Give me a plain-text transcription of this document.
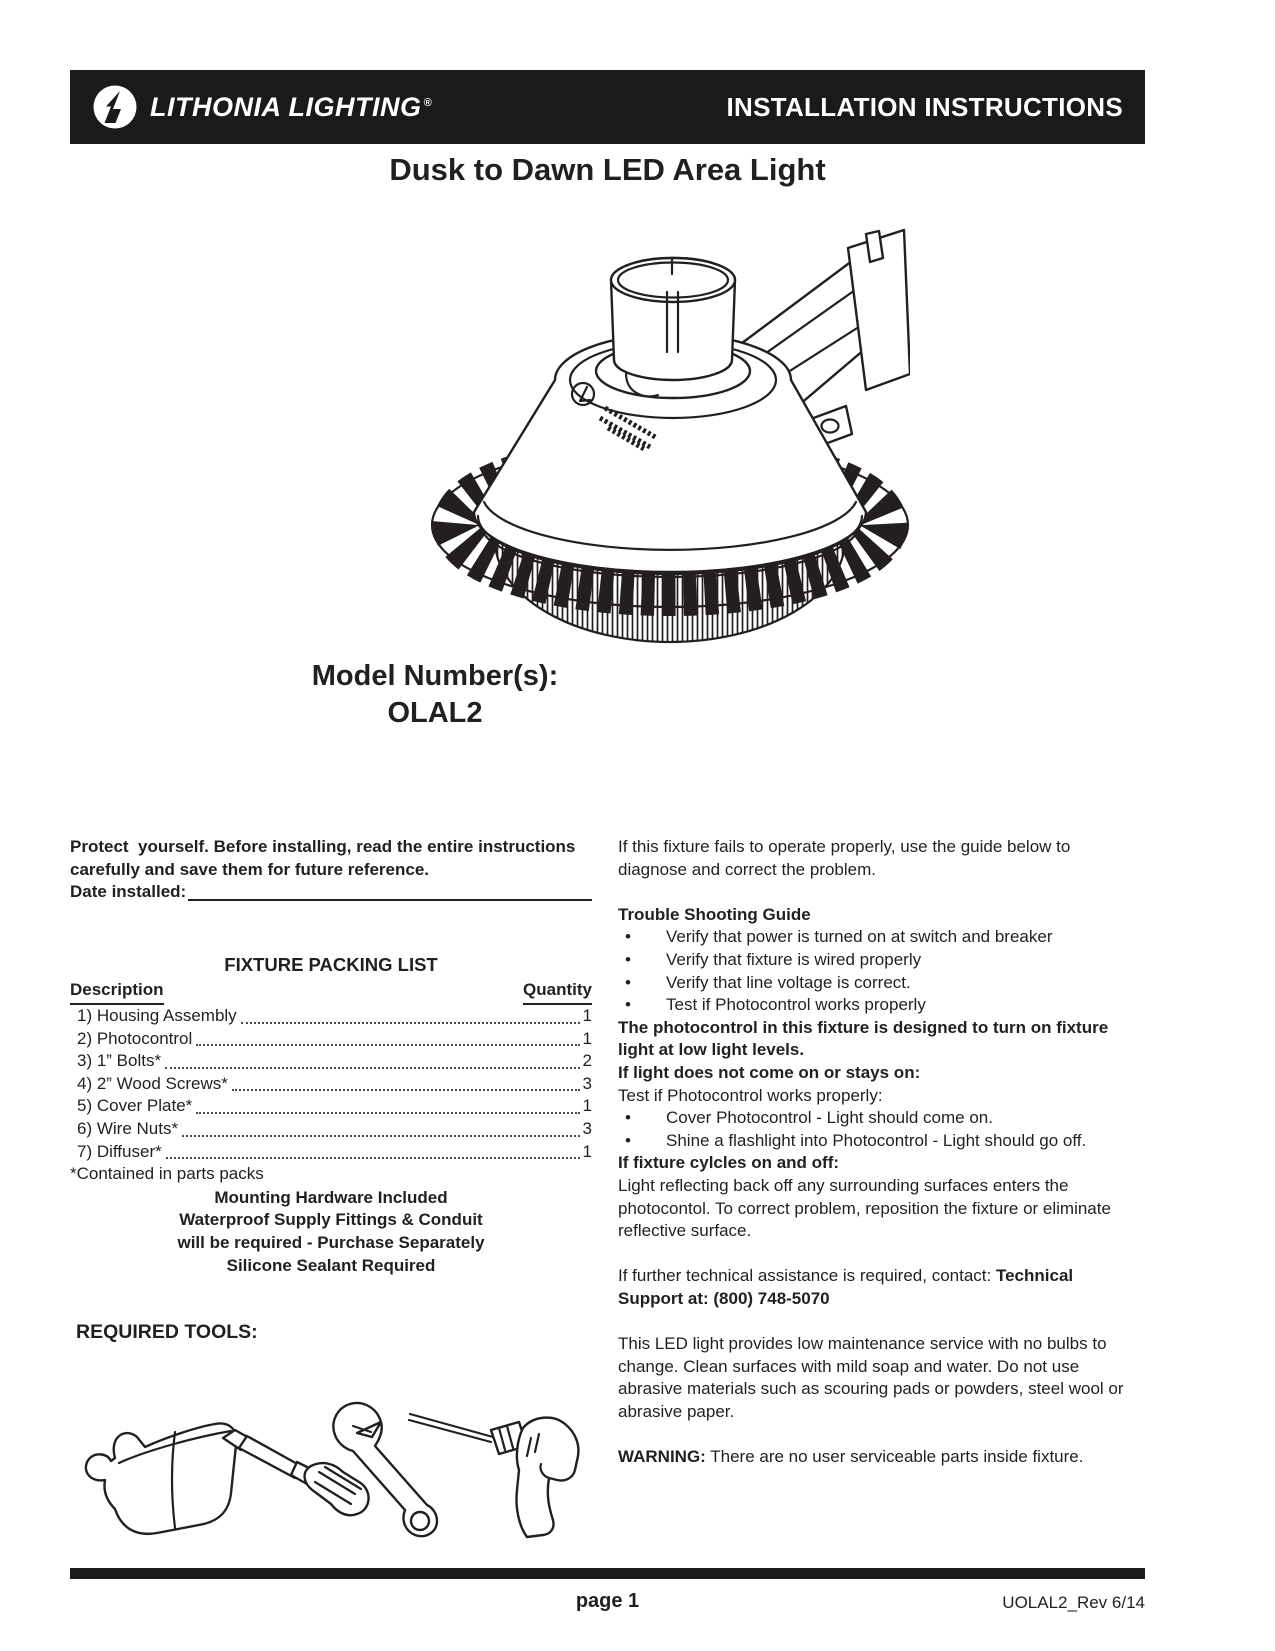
LITHONIA LIGHTING ®	INSTALLATION INSTRUCTIONS
Dusk to Dawn LED Area Light
Model Number(s):
OLAL2
Protect  yourself. Before installing, read the entire instructions carefully and save them for future reference.
Date installed:
FIXTURE PACKING LIST
Description	Quantity
1) Housing Assembly	1
2) Photocontrol	1
3) 1” Bolts*	2
4) 2” Wood Screws*	3
5) Cover Plate*	1
6) Wire Nuts*	3
7) Diffuser*	1
*Contained in parts packs
Mounting Hardware Included
Waterproof Supply Fittings & Conduit
will be required - Purchase Separately
Silicone Sealant Required
REQUIRED TOOLS:
If this fixture fails to operate properly, use the guide below to diagnose and correct the problem.
Trouble Shooting Guide
• Verify that power is turned on at switch and breaker
• Verify that fixture is wired properly
• Verify that line voltage is correct.
• Test if Photocontrol works properly
The photocontrol in this fixture is designed to turn on fixture light at low light levels.
If light does not come on or stays on:
Test if Photocontrol works properly:
• Cover Photocontrol - Light should come on.
• Shine a flashlight into Photocontrol - Light should go off.
If fixture cylcles on and off:
Light reflecting back off any surrounding surfaces enters the photocontol. To correct problem, reposition the fixture or eliminate reflective surface.
If further technical assistance is required, contact: Technical Support at: (800) 748-5070
This LED light provides low maintenance service with no bulbs to change. Clean surfaces with mild soap and water. Do not use abrasive materials such as scouring pads or powders, steel wool or abrasive paper.
WARNING: There are no user serviceable parts inside fixture.
page 1	UOLAL2_Rev 6/14
